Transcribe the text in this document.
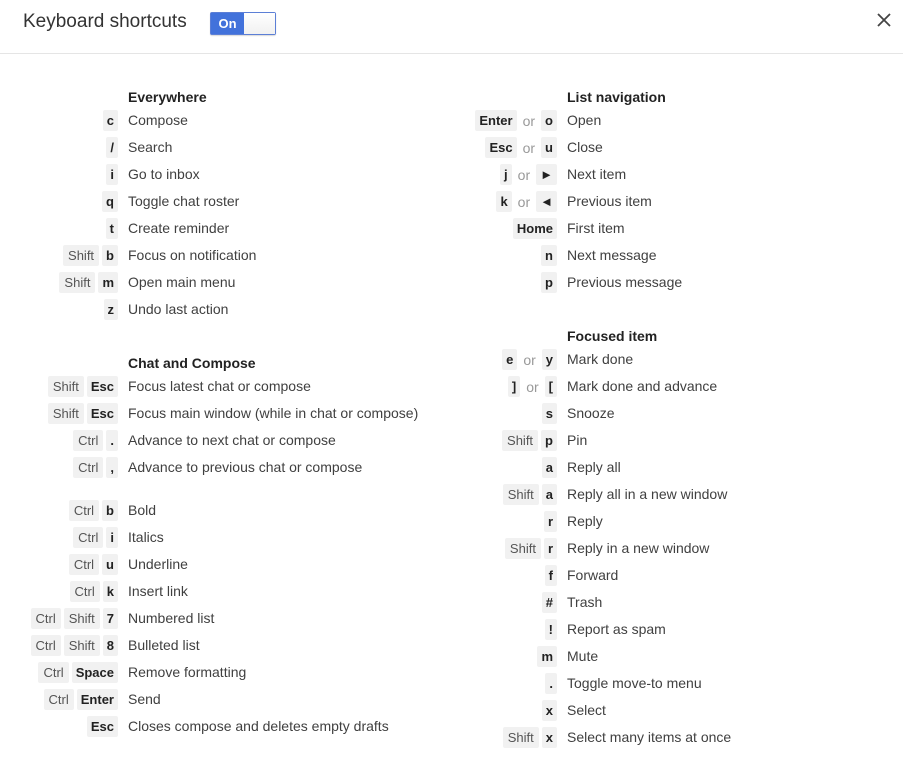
Keyboard shortcuts	On
Everywhere
Chat and Compose
List navigation
Focused item
c Compose
/ Search
i Go to inbox
q Toggle chat roster
t Create reminder
Shift b Focus on notification
Shift m Open main menu
z Undo last action
Shift Esc Focus latest chat or compose
Shift Esc Focus main window (while in chat or compose)
Ctrl . Advance to next chat or compose
Ctrl , Advance to previous chat or compose
Ctrl b Bold
Ctrl i Italics
Ctrl u Underline
Ctrl k Insert link
Ctrl	Shift 7 Numbered list
Ctrl	Shift 8 Bulleted list
Ctrl Space Remove formatting
Ctrl Enter Send
Esc Closes compose and deletes empty drafts
Enter or o Open
Esc or u Close
j or ► Next item
k or ◄ Previous item
Home First item
n Next message
p Previous message
e or y Mark done
] or [ Mark done and advance
s Snooze
Shift p Pin
a Reply all
Shift a Reply all in a new window
r Reply
Shift r Reply in a new window
f Forward
# Trash
! Report as spam
m Mute
. Toggle move-to menu
x Select
Shift x Select many items at once
